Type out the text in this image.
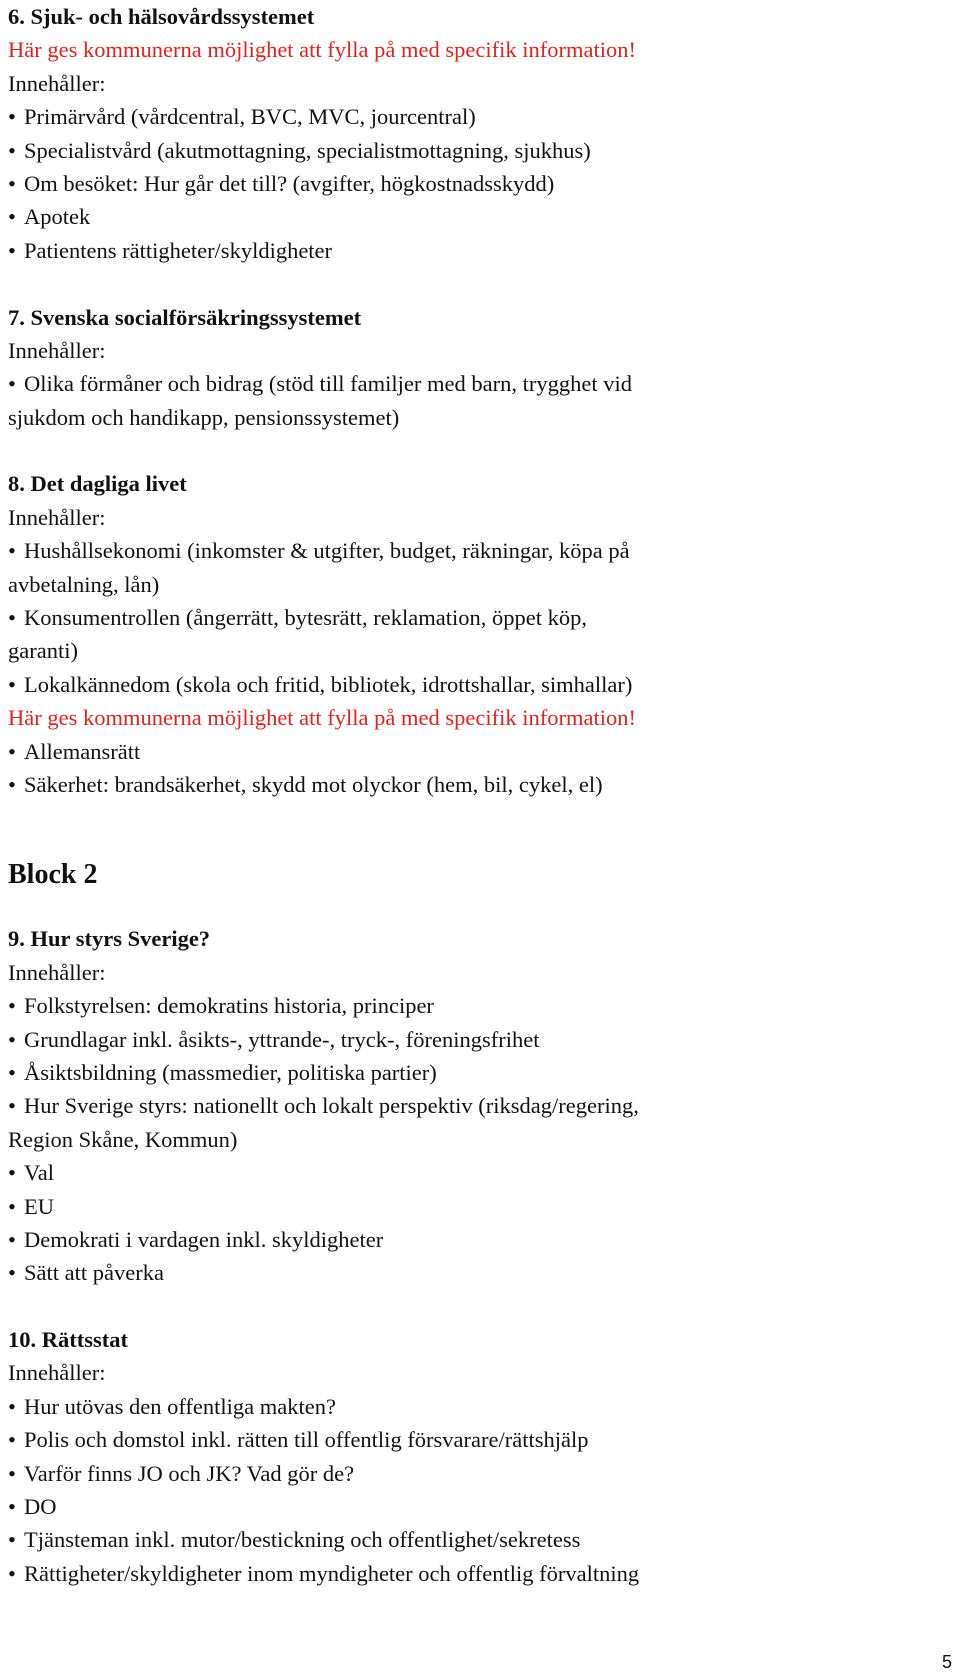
6. Sjuk- och hälsovårdssystemet
Här ges kommunerna möjlighet att fylla på med specifik information!
Innehåller:
• Primärvård (vårdcentral, BVC, MVC, jourcentral)
• Specialistvård (akutmottagning, specialistmottagning, sjukhus)
• Om besöket: Hur går det till? (avgifter, högkostnadsskydd)
• Apotek
• Patientens rättigheter/skyldigheter
7. Svenska socialförsäkringssystemet
Innehåller:
• Olika förmåner och bidrag (stöd till familjer med barn, trygghet vid
sjukdom och handikapp, pensionssystemet)
8. Det dagliga livet
Innehåller:
• Hushållsekonomi (inkomster & utgifter, budget, räkningar, köpa på
avbetalning, lån)
• Konsumentrollen (ångerrätt, bytesrätt, reklamation, öppet köp,
garanti)
• Lokalkännedom (skola och fritid, bibliotek, idrottshallar, simhallar)
Här ges kommunerna möjlighet att fylla på med specifik information!
• Allemansrätt
• Säkerhet: brandsäkerhet, skydd mot olyckor (hem, bil, cykel, el)
Block 2
9. Hur styrs Sverige?
Innehåller:
• Folkstyrelsen: demokratins historia, principer
• Grundlagar inkl. åsikts-, yttrande-, tryck-, föreningsfrihet
• Åsiktsbildning (massmedier, politiska partier)
• Hur Sverige styrs: nationellt och lokalt perspektiv (riksdag/regering,
Region Skåne, Kommun)
• Val
• EU
• Demokrati i vardagen inkl. skyldigheter
• Sätt att påverka
10. Rättsstat
Innehåller:
• Hur utövas den offentliga makten?
• Polis och domstol inkl. rätten till offentlig försvarare/rättshjälp
• Varför finns JO och JK? Vad gör de?
• DO
• Tjänsteman inkl. mutor/bestickning och offentlighet/sekretess
• Rättigheter/skyldigheter inom myndigheter och offentlig förvaltning
5
